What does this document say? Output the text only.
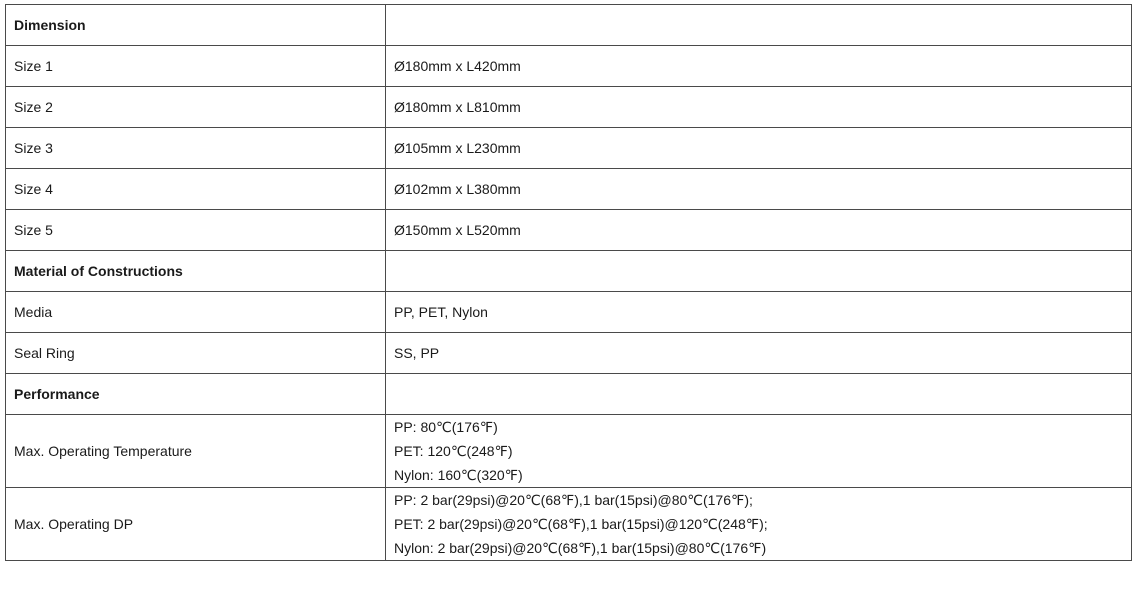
Dimension	
Size 1	Ø180mm x L420mm
Size 2	Ø180mm x L810mm
Size 3	Ø105mm x L230mm
Size 4	Ø102mm x L380mm
Size 5	Ø150mm x L520mm
Material of Constructions	
Media	PP, PET, Nylon
Seal Ring	SS, PP
Performance	
Max. Operating Temperature	PP: 80℃(176℉)
PET: 120℃(248℉)
Nylon: 160℃(320℉)

Max. Operating DP	PP: 2 bar(29psi)@20℃(68℉),1 bar(15psi)@80℃(176℉);
PET: 2 bar(29psi)@20℃(68℉),1 bar(15psi)@120℃(248℉);
Nylon: 2 bar(29psi)@20℃(68℉),1 bar(15psi)@80℃(176℉)
